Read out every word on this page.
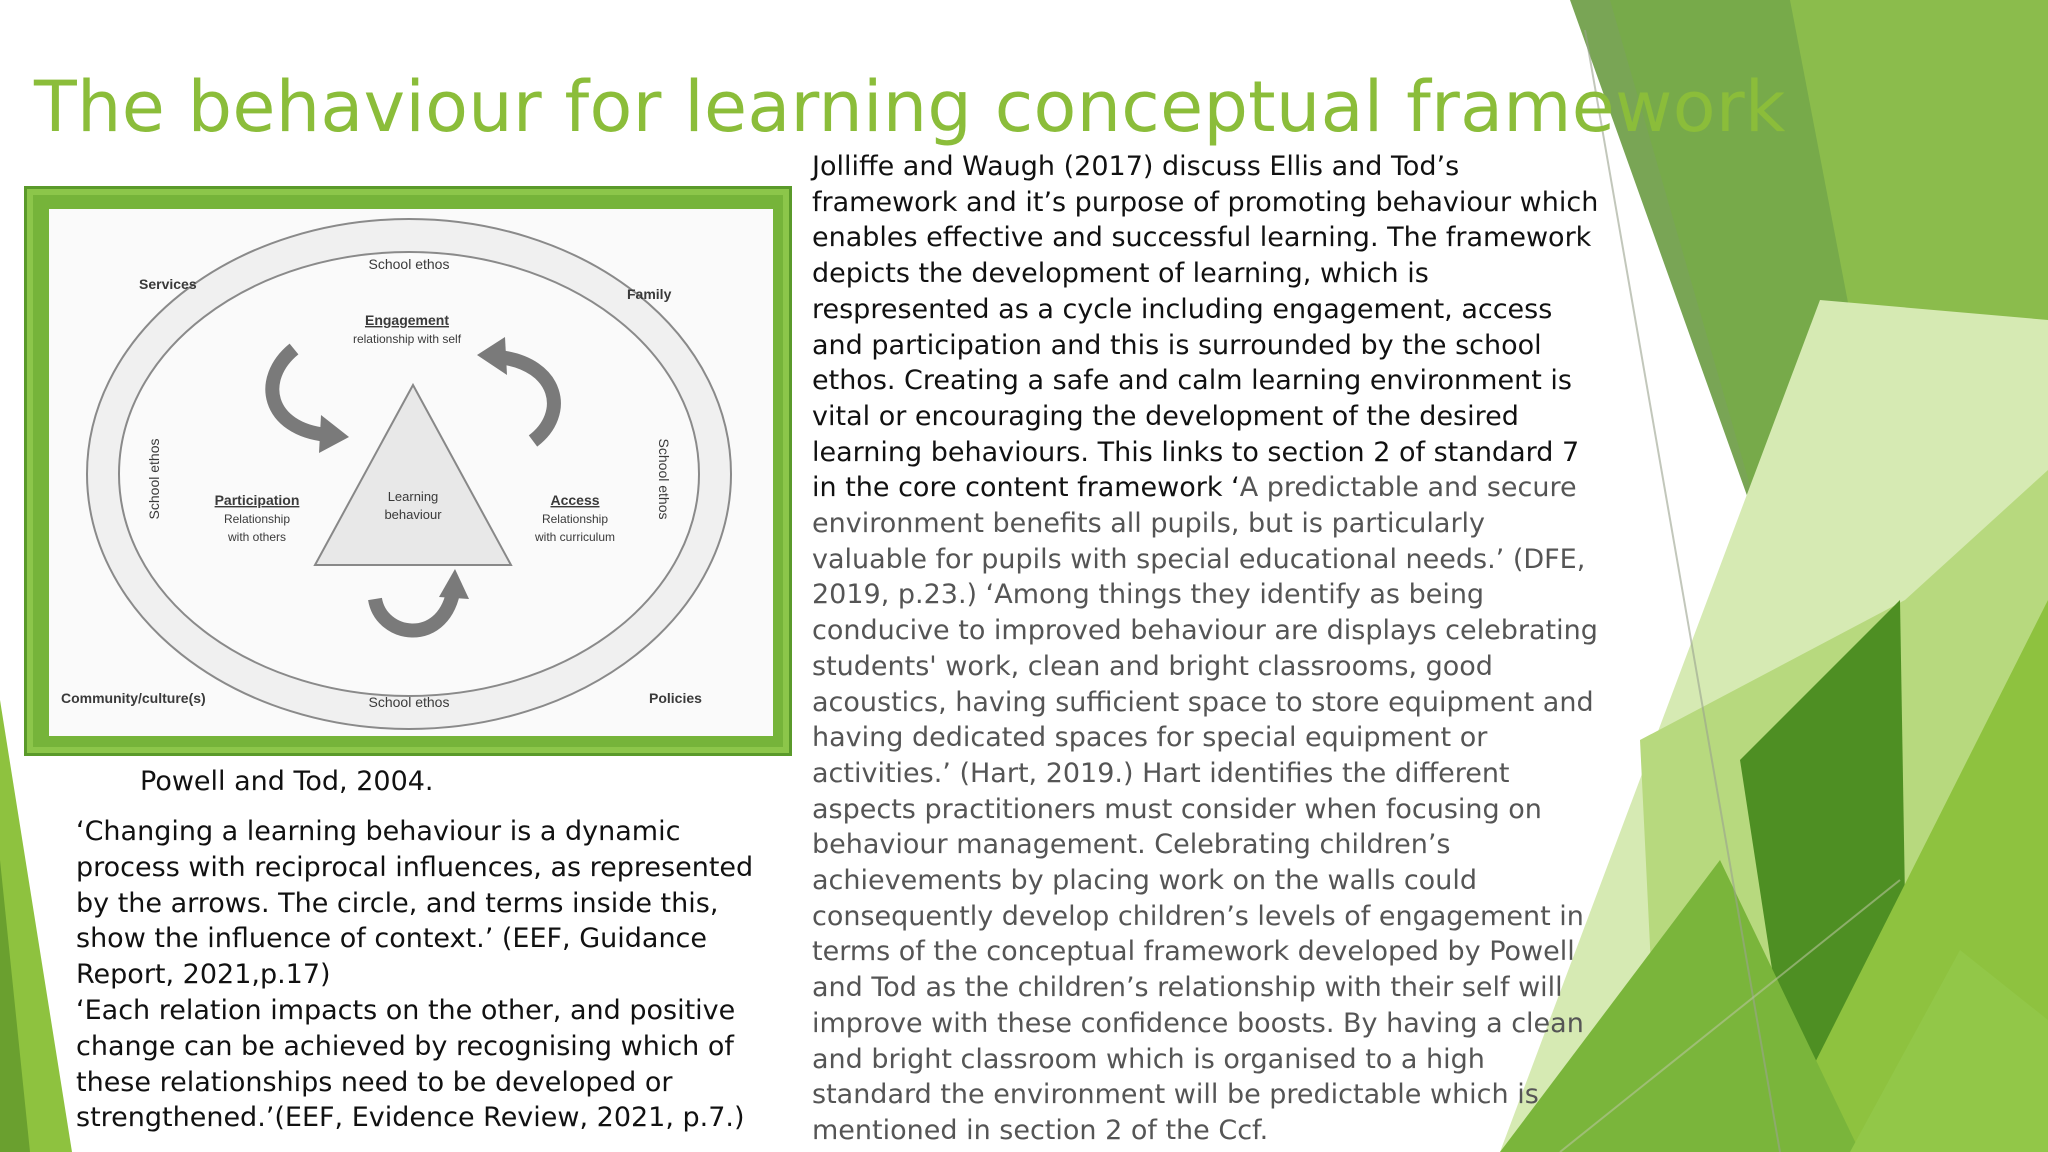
The behaviour for learning conceptual framework
Services
Family
Community/culture(s)	Policies
School ethos
School ethos
School ethos	School ethos
Engagement
relationship with self
Participation
Relationship
with others
Access
Relationship
with curriculum
Learning
behaviour

Powell and Tod, 2004.

‘Changing a learning behaviour is a dynamic process with reciprocal influences, as represented by the arrows. The circle, and terms inside this, show the influence of context.’ (EEF, Guidance Report, 2021,p.17)

‘Each relation impacts on the other, and positive change can be achieved by recognising which of these relationships need to be developed or strengthened.’(EEF, Evidence Review, 2021, p.7.)

Jolliffe and Waugh (2017) discuss Ellis and Tod’s framework and it’s purpose of promoting behaviour which enables effective and successful learning. The framework depicts the development of learning, which is respresented as a cycle including engagement, access and participation and this is surrounded by the school ethos. Creating a safe and calm learning environment is vital or encouraging the development of the desired learning behaviours. This links to section 2 of standard 7 in the core content framework ‘A predictable and secure environment benefits all pupils, but is particularly valuable for pupils with special educational needs.’ (DFE, 2019, p.23.) ‘Among things they identify as being conducive to improved behaviour are displays celebrating students' work, clean and bright classrooms, good acoustics, having sufficient space to store equipment and having dedicated spaces for special equipment or activities.’ (Hart, 2019.) Hart identifies the different aspects practitioners must consider when focusing on behaviour management. Celebrating children’s achievements by placing work on the walls could consequently develop children’s levels of engagement in terms of the conceptual framework developed by Powell and Tod as the children’s relationship with their self will improve with these confidence boosts. By having a clean and bright classroom which is organised to a high standard the environment will be predictable which is mentioned in section 2 of the Ccf.
